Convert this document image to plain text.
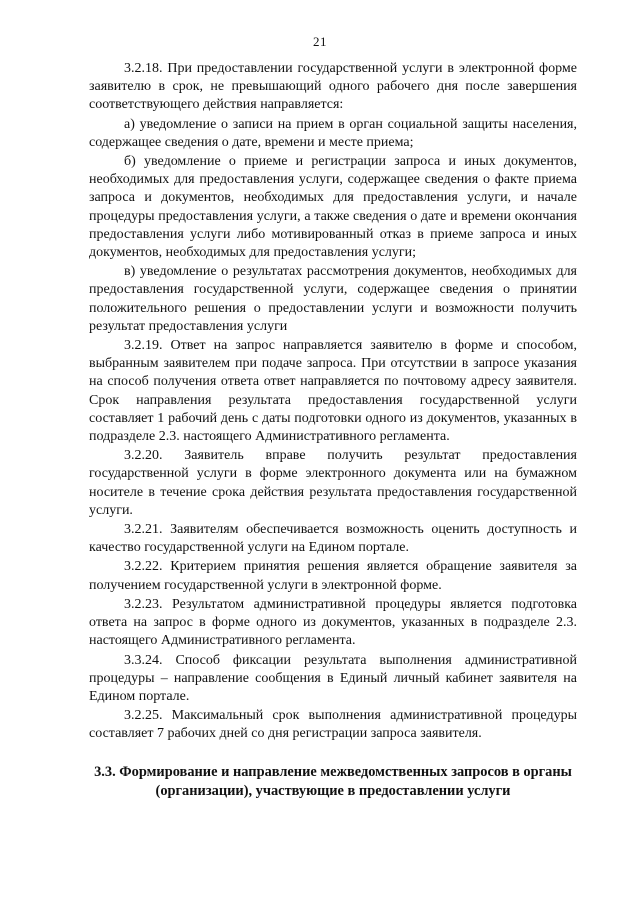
21

3.2.18. При предоставлении государственной услуги в электронной форме заявителю в срок, не превышающий одного рабочего дня после завершения соответствующего действия направляется:

а) уведомление о записи на прием в орган социальной защиты населения, содержащее сведения о дате, времени и месте приема;

б) уведомление о приеме и регистрации запроса и иных документов, необходимых для предоставления услуги, содержащее сведения о факте приема запроса и документов, необходимых для предоставления услуги, и начале процедуры предоставления услуги, а также сведения о дате и времени окончания предоставления услуги либо мотивированный отказ в приеме запроса и иных документов, необходимых для предоставления услуги;

в) уведомление о результатах рассмотрения документов, необходимых для предоставления государственной услуги, содержащее сведения о принятии положительного решения о предоставлении услуги и возможности получить результат предоставления услуги

3.2.19. Ответ на запрос направляется заявителю в форме и способом, выбранным заявителем при подаче запроса. При отсутствии в запросе указания на способ получения ответа ответ направляется по почтовому адресу заявителя. Срок направления результата предоставления государственной услуги составляет 1 рабочий день с даты подготовки одного из документов, указанных в подразделе 2.3. настоящего Административного регламента.

3.2.20. Заявитель вправе получить результат предоставления государственной услуги в форме электронного документа или на бумажном носителе в течение срока действия результата предоставления государственной услуги.

3.2.21. Заявителям обеспечивается возможность оценить доступность и качество государственной услуги на Едином портале.

3.2.22. Критерием принятия решения является обращение заявителя за получением государственной услуги в электронной форме.

3.2.23. Результатом административной процедуры является подготовка ответа на запрос в форме одного из документов, указанных в подразделе 2.3. настоящего Административного регламента.

3.3.24. Способ фиксации результата выполнения административной процедуры – направление сообщения в Единый личный кабинет заявителя на Едином портале.

3.2.25. Максимальный срок выполнения административной процедуры составляет 7 рабочих дней со дня регистрации запроса заявителя.

3.3. Формирование и направление межведомственных запросов в органы (организации), участвующие в предоставлении услуги
